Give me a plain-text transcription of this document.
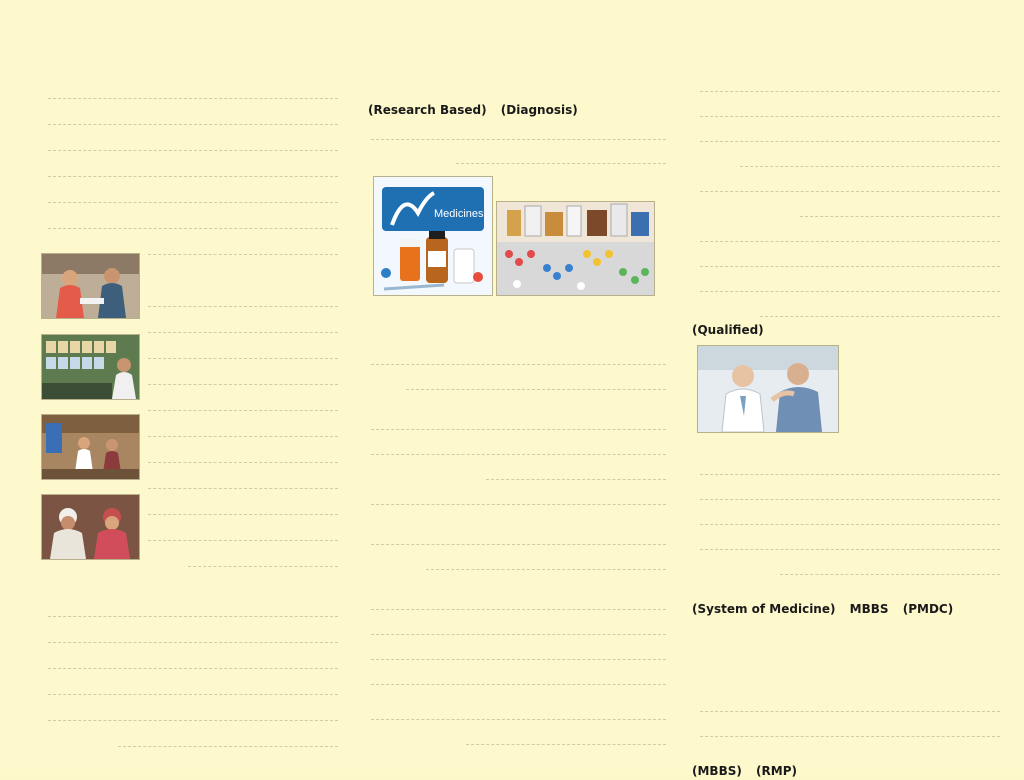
(Qualified)

(System of Medicine) MBBS (PMDC)

(MBBS) (RMP)

(Research Based) (Diagnosis)

Medicines
